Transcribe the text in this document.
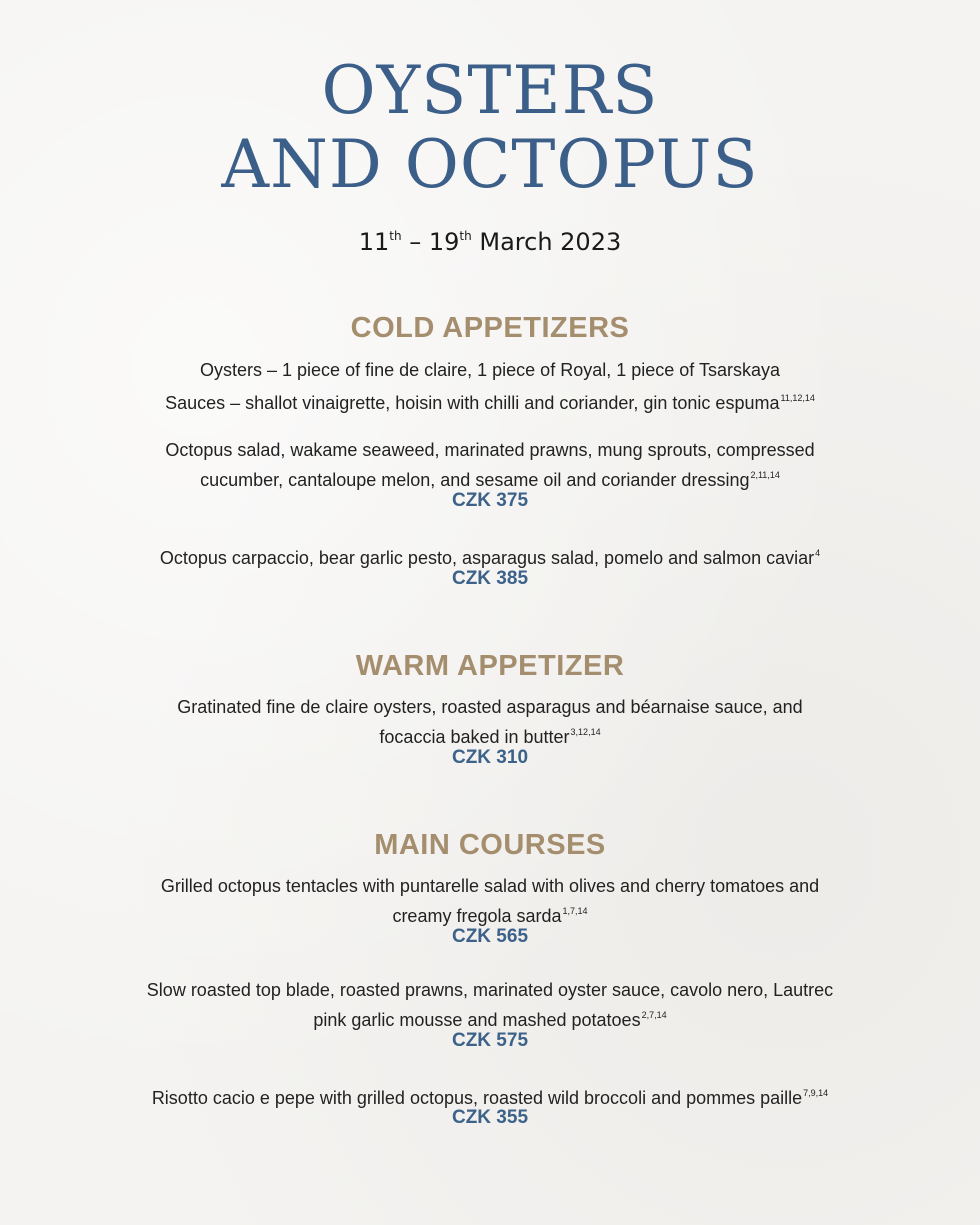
OYSTERS
AND OCTOPUS
11th – 19th March 2023
COLD APPETIZERS
Oysters – 1 piece of fine de claire, 1 piece of Royal, 1 piece of Tsarskaya
Sauces – shallot vinaigrette, hoisin with chilli and coriander, gin tonic espuma$^{11,12,14}$
Octopus salad, wakame seaweed, marinated prawns, mung sprouts, compressed
cucumber, cantaloupe melon, and sesame oil and coriander dressing$^{2,11,14}$
CZK 375
Octopus carpaccio, bear garlic pesto, asparagus salad, pomelo and salmon caviar$^4$
CZK 385
WARM APPETIZER
Gratinated fine de claire oysters, roasted asparagus and béarnaise sauce, and
focaccia baked in butter$^{3,12,14}$
CZK 310
MAIN COURSES
Grilled octopus tentacles with puntarelle salad with olives and cherry tomatoes and
creamy fregola sarda$^{1,7,14}$
CZK 565
Slow roasted top blade, roasted prawns, marinated oyster sauce, cavolo nero, Lautrec
pink garlic mousse and mashed potatoes$^{2,7,14}$
CZK 575
Risotto cacio e pepe with grilled octopus, roasted wild broccoli and pommes paille$^{7,9,14}$
CZK 355
